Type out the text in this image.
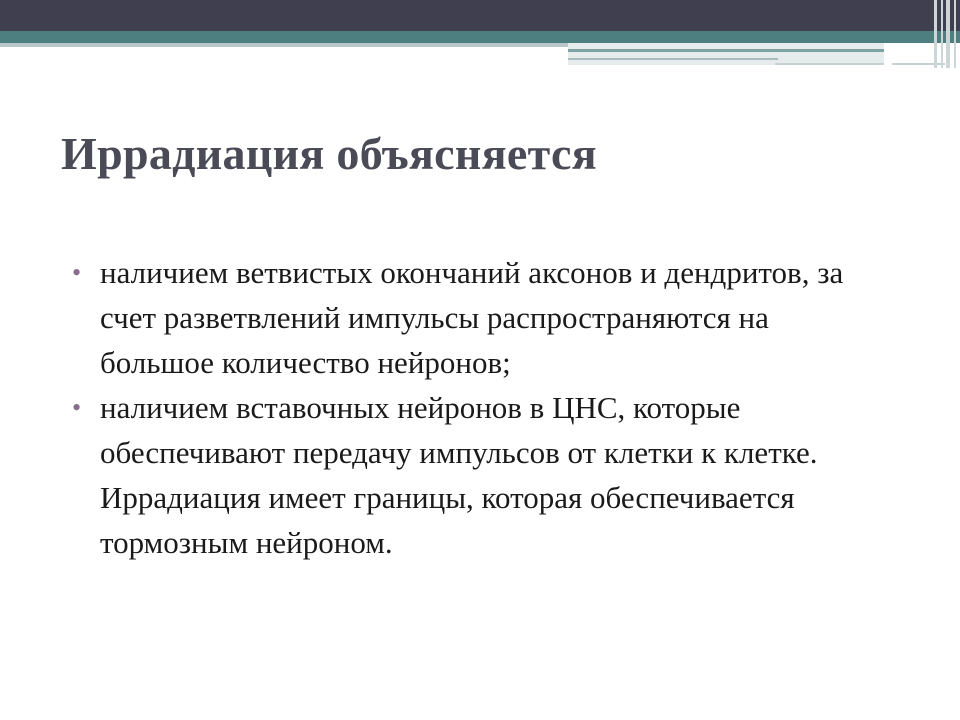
Иррадиация объясняется
• наличием ветвистых окончаний аксонов и дендритов, за счет разветвлений импульсы распространяются на большое количество нейронов;
• наличием вставочных нейронов в ЦНС, которые обеспечивают передачу импульсов от клетки к клетке. Иррадиация имеет границы, которая обеспечивается тормозным нейроном.
